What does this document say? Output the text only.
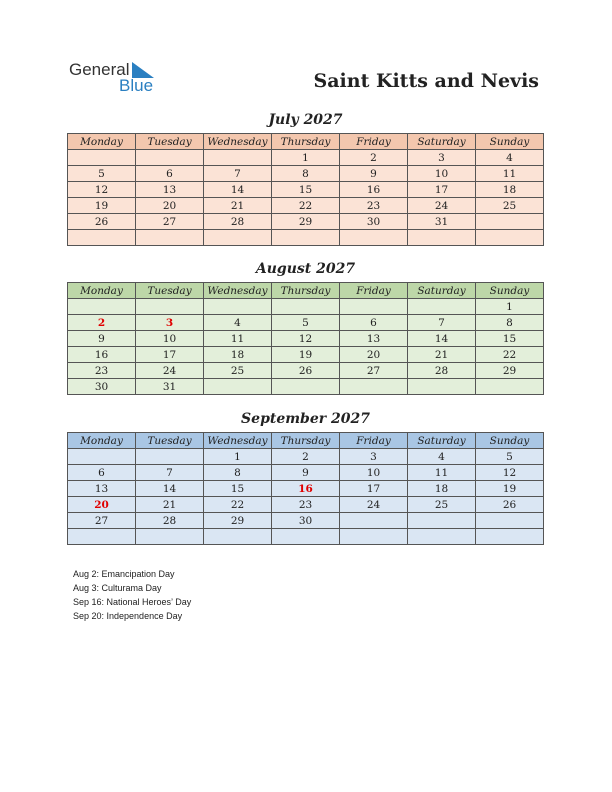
General
Blue	Saint Kitts and Nevis
July 2027
Monday	Tuesday	Wednesday	Thursday	Friday	Saturday	Sunday
			1	2	3	4
5	6	7	8	9	10	11
12	13	14	15	16	17	18
19	20	21	22	23	24	25
26	27	28	29	30	31	

August 2027
Monday	Tuesday	Wednesday	Thursday	Friday	Saturday	Sunday
						1
2	3	4	5	6	7	8
9	10	11	12	13	14	15
16	17	18	19	20	21	22
23	24	25	26	27	28	29
30	31					
September 2027
Monday	Tuesday	Wednesday	Thursday	Friday	Saturday	Sunday
		1	2	3	4	5
6	7	8	9	10	11	12
13	14	15	16	17	18	19
20	21	22	23	24	25	26
27	28	29	30			

Aug 2: Emancipation Day
Aug 3: Culturama Day
Sep 16: National Heroes’ Day
Sep 20: Independence Day
